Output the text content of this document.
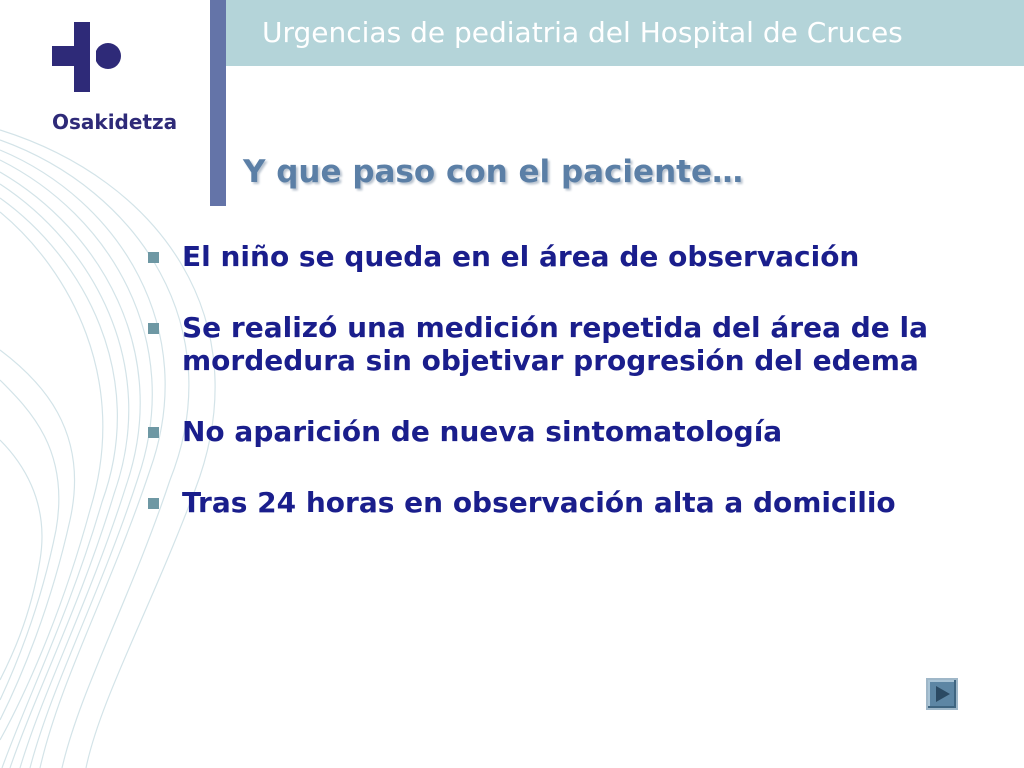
Osakidetza
Urgencias de pediatria del Hospital de Cruces
Y que paso con el paciente…
El niño se queda en el área de observación
Se realizó una medición repetida del área de la mordedura sin objetivar progresión del edema
No aparición de nueva sintomatología
Tras 24 horas en observación alta a domicilio
